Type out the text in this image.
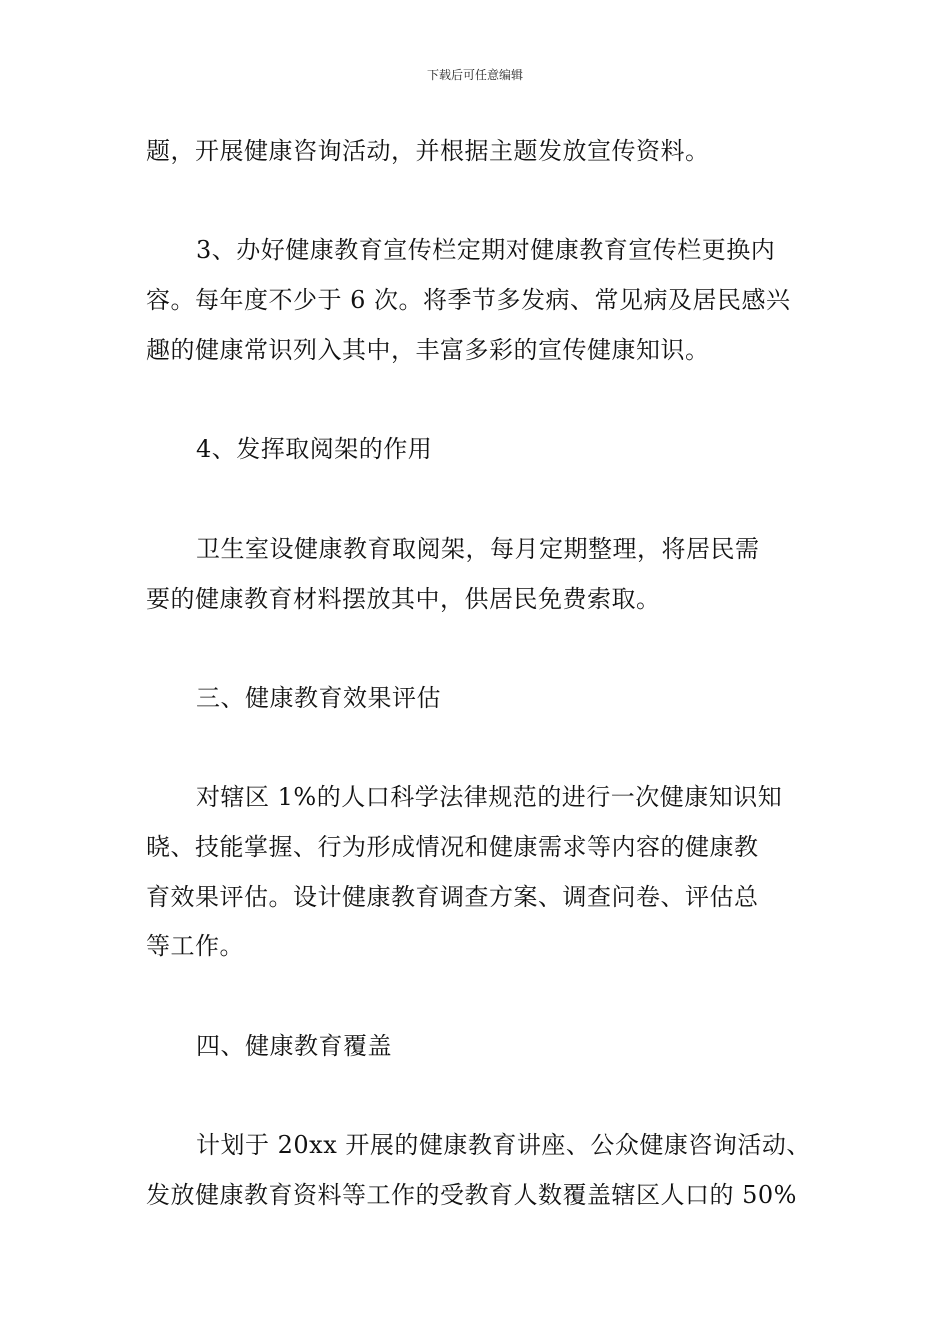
下载后可任意编辑
题，开展健康咨询活动，并根据主题发放宣传资料。
3、办好健康教育宣传栏定期对健康教育宣传栏更换内
容。每年度不少于 6 次。将季节多发病、常见病及居民感兴
趣的健康常识列入其中，丰富多彩的宣传健康知识。
4、发挥取阅架的作用
卫生室设健康教育取阅架，每月定期整理，将居民需
要的健康教育材料摆放其中，供居民免费索取。
三、健康教育效果评估
对辖区 1%的人口科学法律规范的进行一次健康知识知
晓、技能掌握、行为形成情况和健康需求等内容的健康教
育效果评估。设计健康教育调查方案、调查问卷、评估总
等工作。
四、健康教育覆盖
计划于 20xx 开展的健康教育讲座、公众健康咨询活动、
发放健康教育资料等工作的受教育人数覆盖辖区人口的 50%
